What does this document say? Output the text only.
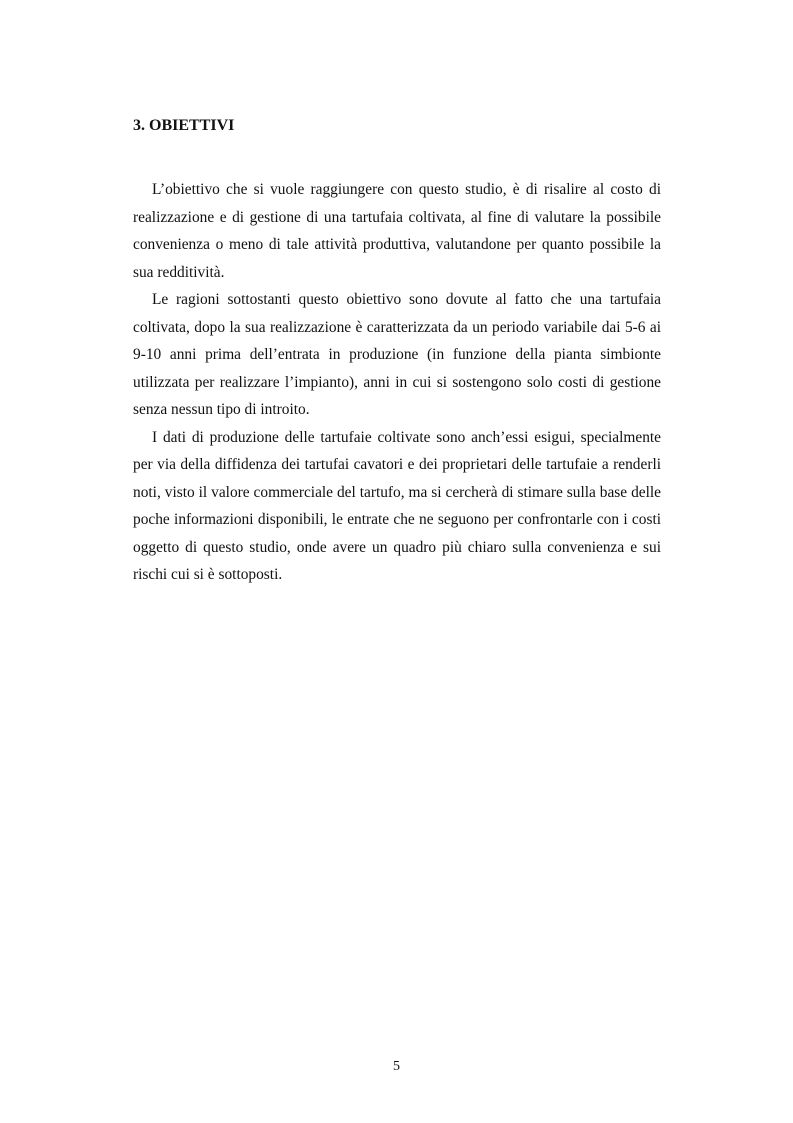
3. OBIETTIVI

L’obiettivo che si vuole raggiungere con questo studio, è di risalire al costo di realizzazione e di gestione di una tartufaia coltivata, al fine di valutare la possibile convenienza o meno di tale attività produttiva, valutandone per quanto possibile la sua redditività.

Le ragioni sottostanti questo obiettivo sono dovute al fatto che una tartufaia coltivata, dopo la sua realizzazione è caratterizzata da un periodo variabile dai 5-6 ai 9-10 anni prima dell’entrata in produzione (in funzione della pianta simbionte utilizzata per realizzare l’impianto), anni in cui si sostengono solo costi di gestione senza nessun tipo di introito.

I dati di produzione delle tartufaie coltivate sono anch’essi esigui, specialmente per via della diffidenza dei tartufai cavatori e dei proprietari delle tartufaie a renderli noti, visto il valore commerciale del tartufo, ma si cercherà di stimare sulla base delle poche informazioni disponibili, le entrate che ne seguono per confrontarle con i costi oggetto di questo studio, onde avere un quadro più chiaro sulla convenienza e sui rischi cui si è sottoposti.

5
